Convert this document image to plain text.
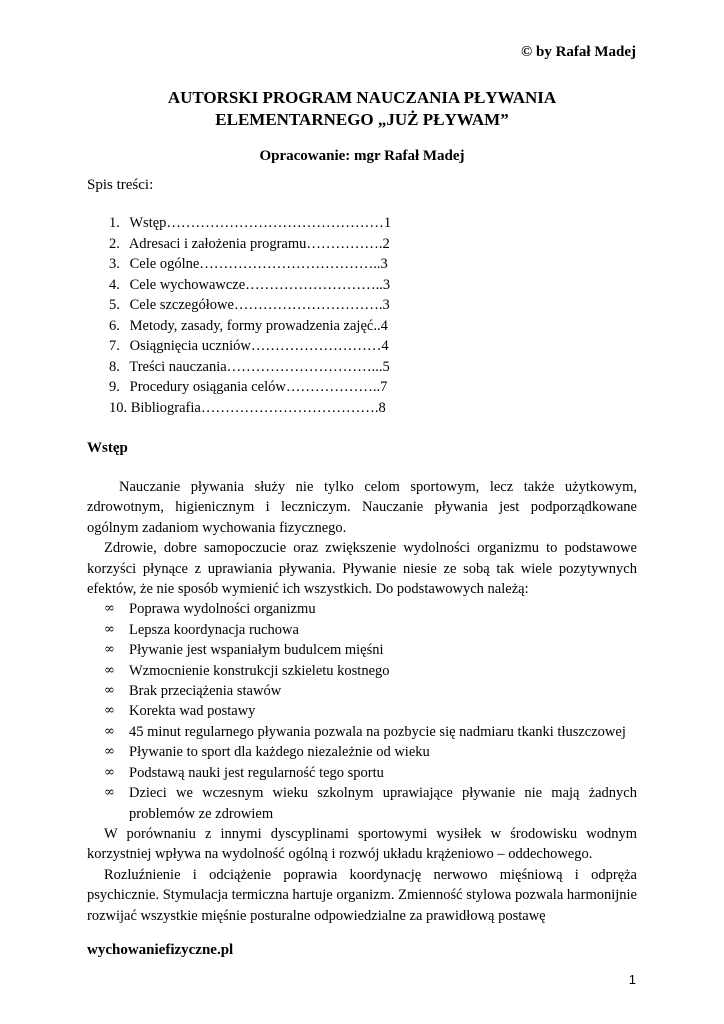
© by Rafał Madej
AUTORSKI PROGRAM NAUCZANIA PŁYWANIA
ELEMENTARNEGO „JUŻ PŁYWAM”
Opracowanie: mgr Rafał Madej
Spis treści:
1. Wstęp………………………………………1
2. Adresaci i założenia programu…………….2
3. Cele ogólne………………………………..3
4. Cele wychowawcze………………………..3
5. Cele szczegółowe………………………….3
6. Metody, zasady, formy prowadzenia zajęć..4
7. Osiągnięcia uczniów………………………4
8. Treści nauczania…………………………...5
9. Procedury osiągania celów………………..7
10. Bibliografia……………………………….8
Wstęp

Nauczanie pływania służy nie tylko celom sportowym, lecz także użytkowym, zdrowotnym, higienicznym i leczniczym. Nauczanie pływania jest podporządkowane ogólnym zadaniom wychowania fizycznego.

Zdrowie, dobre samopoczucie oraz zwiększenie wydolności organizmu to podstawowe korzyści płynące z uprawiania pływania. Pływanie niesie ze sobą tak wiele pozytywnych efektów, że nie sposób wymienić ich wszystkich. Do podstawowych należą:

∞ Poprawa wydolności organizmu
∞ Lepsza koordynacja ruchowa
∞ Pływanie jest wspaniałym budulcem mięśni
∞ Wzmocnienie konstrukcji szkieletu kostnego
∞ Brak przeciążenia stawów
∞ Korekta wad postawy
∞ 45 minut regularnego pływania pozwala na pozbycie się nadmiaru tkanki tłuszczowej
∞ Pływanie to sport dla każdego niezależnie od wieku
∞ Podstawą nauki jest regularność tego sportu
∞ Dzieci we wczesnym wieku szkolnym uprawiające pływanie nie mają żadnych problemów ze zdrowiem

W porównaniu z innymi dyscyplinami sportowymi wysiłek w środowisku wodnym korzystniej wpływa na wydolność ogólną i rozwój układu krążeniowo – oddechowego.

Rozluźnienie i odciążenie poprawia koordynację nerwowo mięśniową i odpręża psychicznie. Stymulacja termiczna hartuje organizm. Zmienność stylowa pozwala harmonijnie rozwijać wszystkie mięśnie posturalne odpowiedzialne za prawidłową postawę

wychowaniefizyczne.pl
1
